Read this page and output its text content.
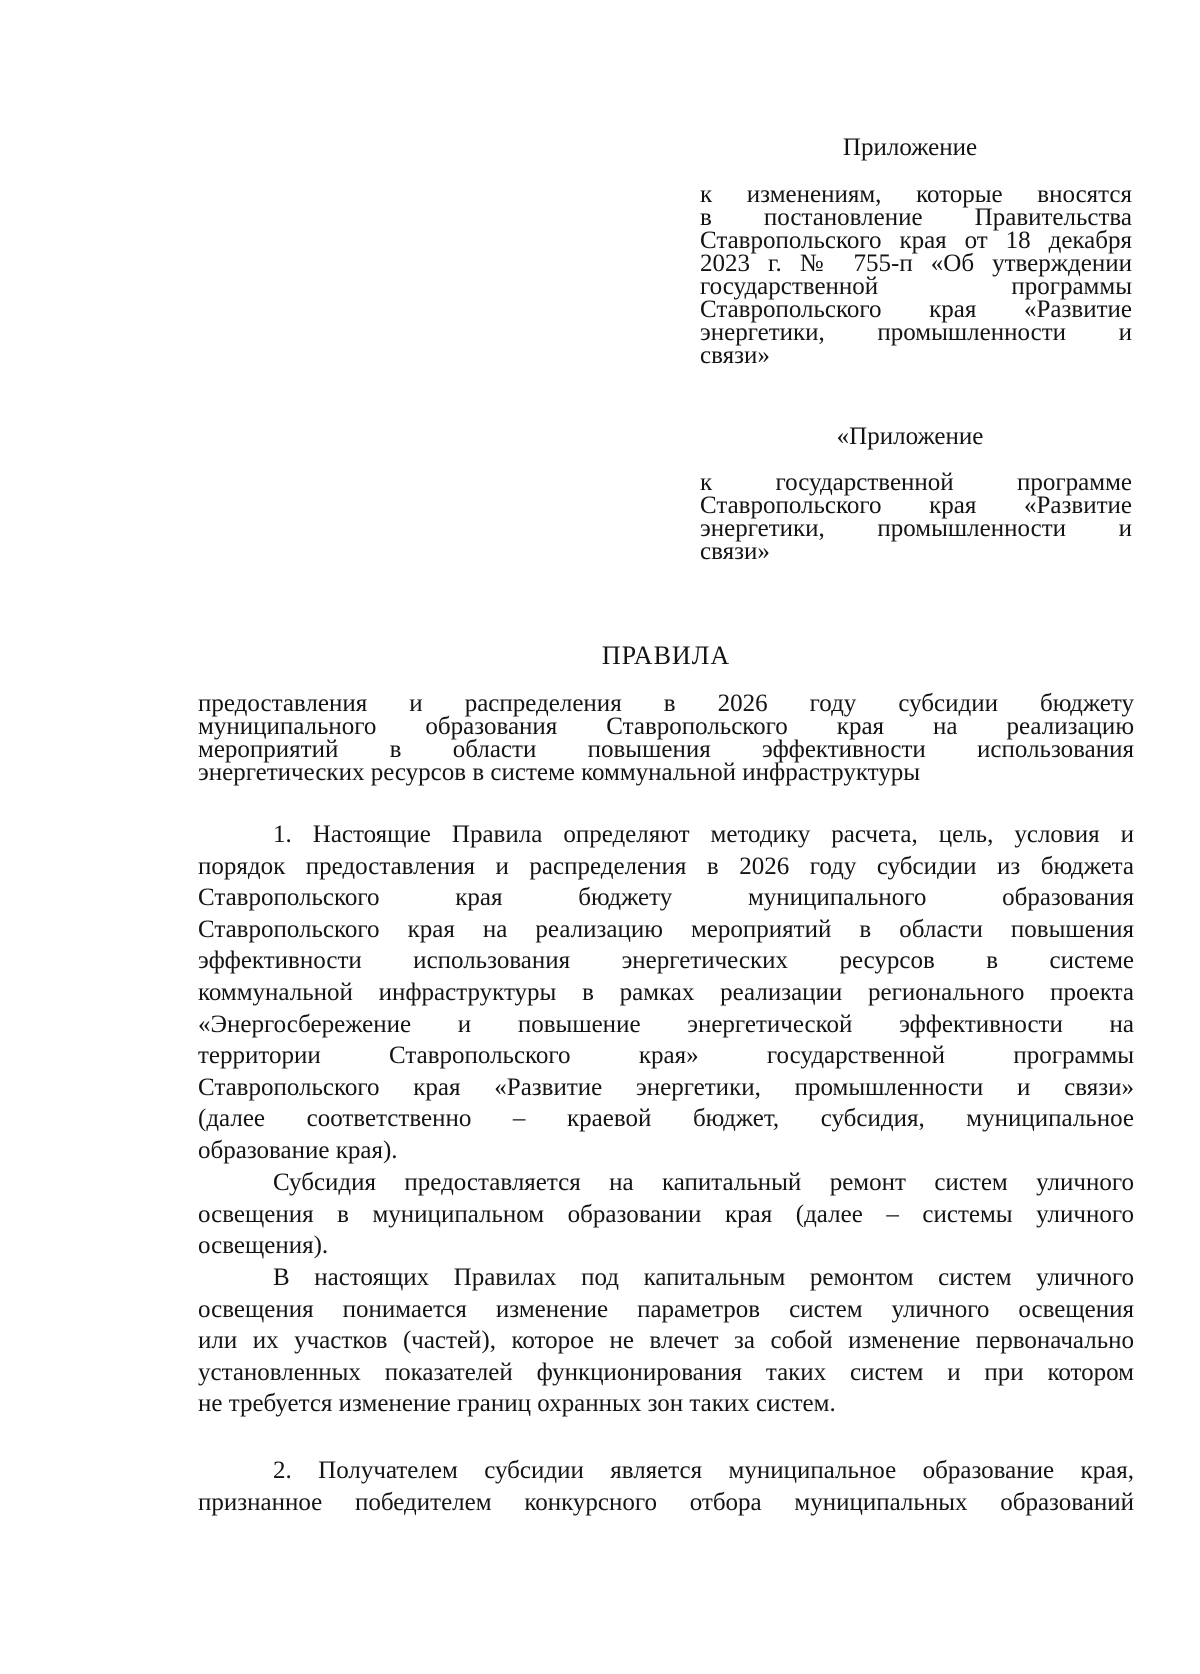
Приложение
к изменениям, которые вносятся
в постановление Правительства
Ставропольского края от 18 декабря
2023 г. № 755-п «Об утверждении
государственной программы
Ставропольского края «Развитие
энергетики, промышленности и
связи»
«Приложение
к государственной программе
Ставропольского края «Развитие
энергетики, промышленности и
связи»
ПРАВИЛА
предоставления и распределения в 2026 году субсидии бюджету
муниципального образования Ставропольского края на реализацию
мероприятий в области повышения эффективности использования
энергетических ресурсов в системе коммунальной инфраструктуры
1. Настоящие Правила определяют методику расчета, цель, условия и
порядок предоставления и распределения в 2026 году субсидии из бюджета
Ставропольского края бюджету муниципального образования
Ставропольского края на реализацию мероприятий в области повышения
эффективности использования энергетических ресурсов в системе
коммунальной инфраструктуры в рамках реализации регионального проекта
«Энергосбережение и повышение энергетической эффективности на
территории Ставропольского края» государственной программы
Ставропольского края «Развитие энергетики, промышленности и связи»
(далее соответственно – краевой бюджет, субсидия, муниципальное
образование края).
Субсидия предоставляется на капитальный ремонт систем уличного
освещения в муниципальном образовании края (далее – системы уличного
освещения).
В настоящих Правилах под капитальным ремонтом систем уличного
освещения понимается изменение параметров систем уличного освещения
или их участков (частей), которое не влечет за собой изменение первоначально
установленных показателей функционирования таких систем и при котором
не требуется изменение границ охранных зон таких систем.
2. Получателем субсидии является муниципальное образование края,
признанное победителем конкурсного отбора муниципальных образований
